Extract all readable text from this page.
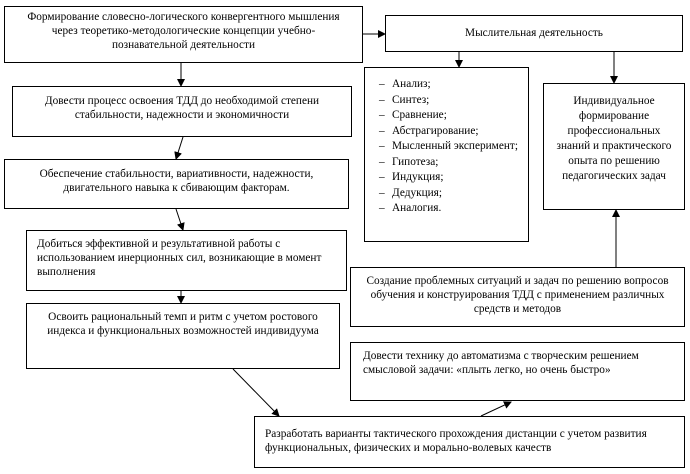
Формирование словесно-логического конвергентного мышления через теоретико-методологические концепции учебно-познавательной деятельности
Довести процесс освоения ТДД до необходимой степени стабильности, надежности и экономичности
Обеспечение стабильности, вариативности, надежности, двигательного навыка к сбивающим факторам.
Добиться эффективной и результативной работы с использованием инерционных сил, возникающие в момент выполнения
Освоить рациональный темп и ритм с учетом ростового индекса и функциональных возможностей индивидуума
Разработать варианты тактического прохождения дистанции с учетом развития функциональных, физических и морально-волевых качеств
Довести технику до автоматизма с творческим решением смысловой задачи: «плыть легко, но очень быстро»
Создание проблемных ситуаций и задач по решению вопросов обучения и конструирования ТДД с применением различных средств и методов
Мыслительная деятельность
– Анализ;
– Синтез;
– Сравнение;
– Абстрагирование;
– Мысленный эксперимент;
– Гипотеза;
– Индукция;
– Дедукция;
– Аналогия.
Индивидуальное формирование профессиональных знаний и практического опыта по решению педагогических задач
